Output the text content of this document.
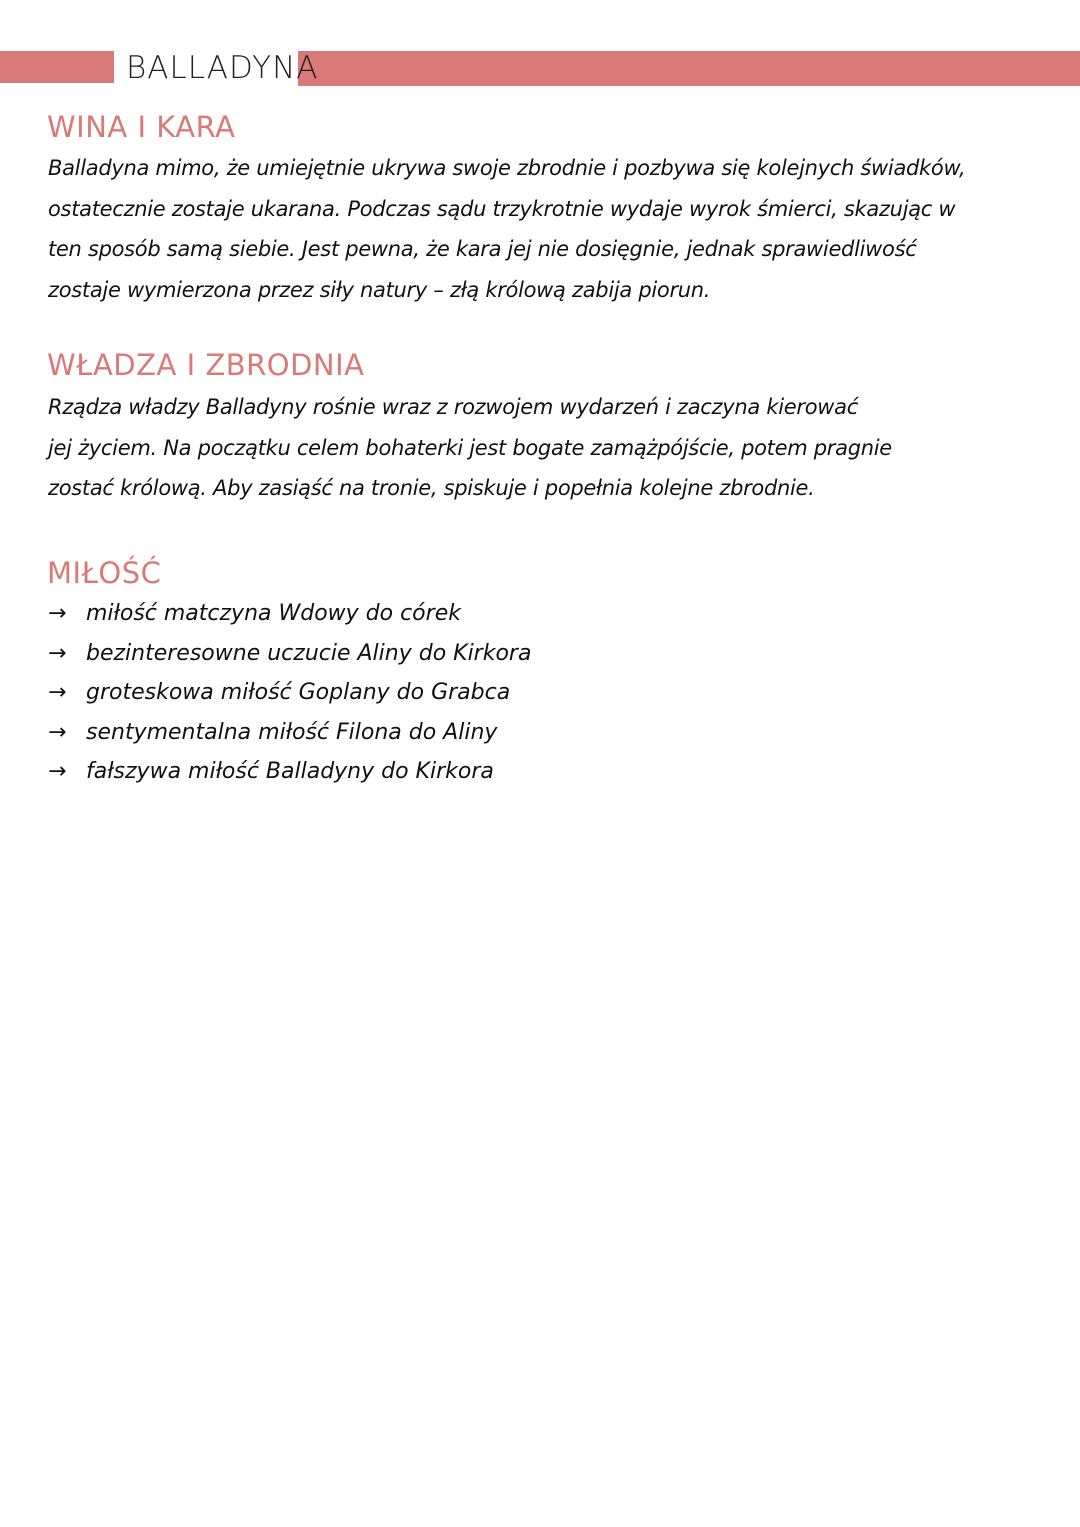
BALLADYNA
WINA I KARA
Balladyna mimo, że umiejętnie ukrywa swoje zbrodnie i pozbywa się kolejnych świadków,
ostatecznie zostaje ukarana. Podczas sądu trzykrotnie wydaje wyrok śmierci, skazując w
ten sposób samą siebie. Jest pewna, że kara jej nie dosięgnie, jednak sprawiedliwość
zostaje wymierzona przez siły natury – złą królową zabija piorun.
WŁADZA I ZBRODNIA
Rządza władzy Balladyny rośnie wraz z rozwojem wydarzeń i zaczyna kierować
jej życiem. Na początku celem bohaterki jest bogate zamążpójście, potem pragnie
zostać królową. Aby zasiąść na tronie, spiskuje i popełnia kolejne zbrodnie.
MIŁOŚĆ
→ miłość matczyna Wdowy do córek
→ bezinteresowne uczucie Aliny do Kirkora
→ groteskowa miłość Goplany do Grabca
→ sentymentalna miłość Filona do Aliny
→ fałszywa miłość Balladyny do Kirkora
